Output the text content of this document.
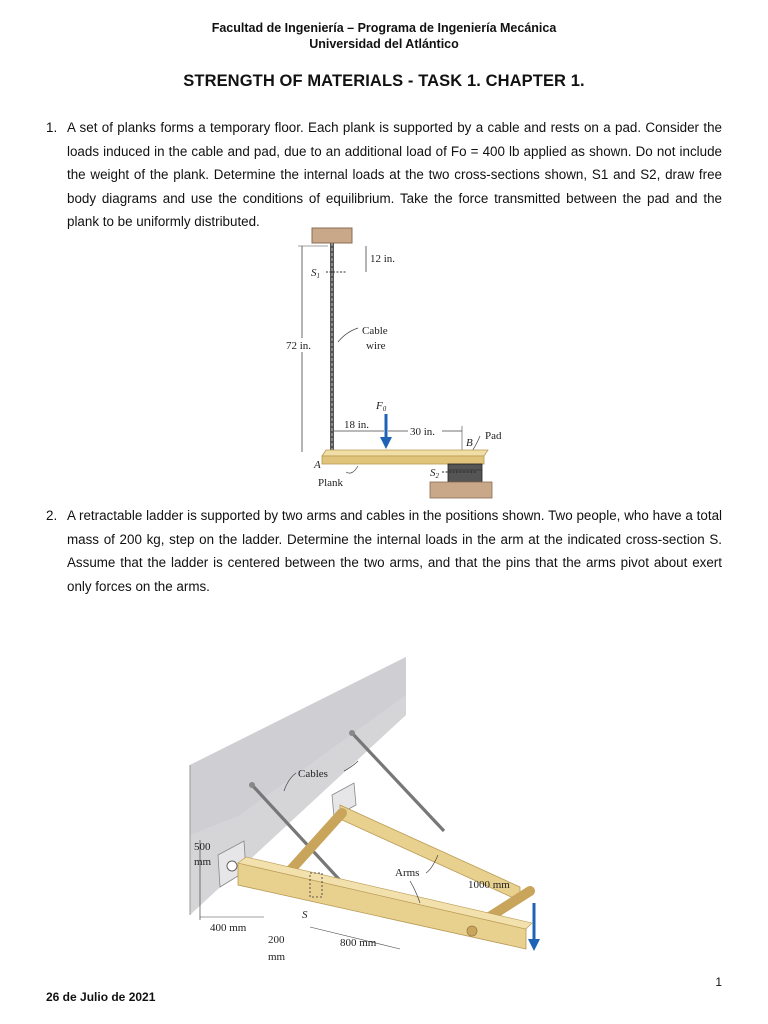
Facultad de Ingeniería – Programa de Ingeniería Mecánica
Universidad del Atlántico
STRENGTH OF MATERIALS - TASK 1. CHAPTER 1.
1. A set of planks forms a temporary floor. Each plank is supported by a cable and rests on a pad. Consider the loads induced in the cable and pad, due to an additional load of Fo = 400 lb applied as shown. Do not include the weight of the plank. Determine the internal loads at the two cross-sections shown, S1 and S2, draw free body diagrams and use the conditions of equilibrium. Take the force transmitted between the pad and the plank to be uniformly distributed.
72 in.
12 in.
S1
Cable
wire
F0
18 in.
30 in.	Pad
B
S2
A
Plank
2. A retractable ladder is supported by two arms and cables in the positions shown. Two people, who have a total mass of 200 kg, step on the ladder. Determine the internal loads in the arm at the indicated cross-section S. Assume that the ladder is centered between the two arms, and that the pins that the arms pivot about exert only forces on the arms.
500
mm
S
Cables
Arms
1000 mm
400 mm
200
mm
800 mm
1
26 de Julio de 2021
